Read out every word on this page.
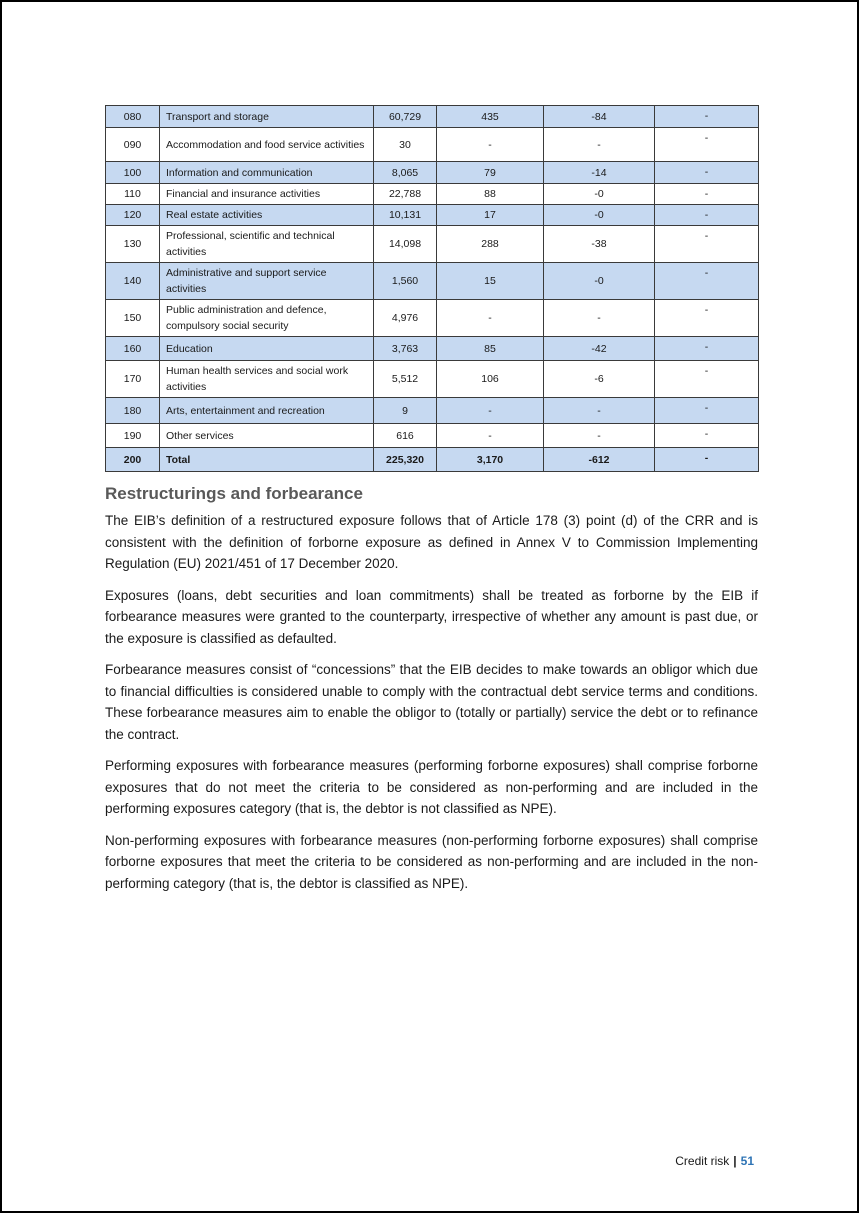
080	Transport and storage	60,729	435	-84	-
090	Accommodation and food service activities	30	-	-	-
100	Information and communication	8,065	79	-14	-
110	Financial and insurance activities	22,788	88	-0	-
120	Real estate activities	10,131	17	-0	-
130	Professional, scientific and technical activities	14,098	288	-38	-
140	Administrative and support service activities	1,560	15	-0	-
150	Public administration and defence, compulsory social security	4,976	-	-	-
160	Education	3,763	85	-42	-
170	Human health services and social work activities	5,512	106	-6	-
180	Arts, entertainment and recreation	9	-	-	-
190	Other services	616	-	-	-
200	Total	225,320	3,170	-612	-
Restructurings and forbearance

The EIB’s definition of a restructured exposure follows that of Article 178 (3) point (d) of the CRR and is consistent with the definition of forborne exposure as defined in Annex V to Commission Implementing Regulation (EU) 2021/451 of 17 December 2020.

Exposures (loans, debt securities and loan commitments) shall be treated as forborne by the EIB if forbearance measures were granted to the counterparty, irrespective of whether any amount is past due, or the exposure is classified as defaulted.

Forbearance measures consist of “concessions” that the EIB decides to make towards an obligor which due to financial difficulties is considered unable to comply with the contractual debt service terms and conditions. These forbearance measures aim to enable the obligor to (totally or partially) service the debt or to refinance the contract.

Performing exposures with forbearance measures (performing forborne exposures) shall comprise forborne exposures that do not meet the criteria to be considered as non-performing and are included in the performing exposures category (that is, the debtor is not classified as NPE).

Non-performing exposures with forbearance measures (non-performing forborne exposures) shall comprise forborne exposures that meet the criteria to be considered as non-performing and are included in the non-performing category (that is, the debtor is classified as NPE).

Credit risk | 51
